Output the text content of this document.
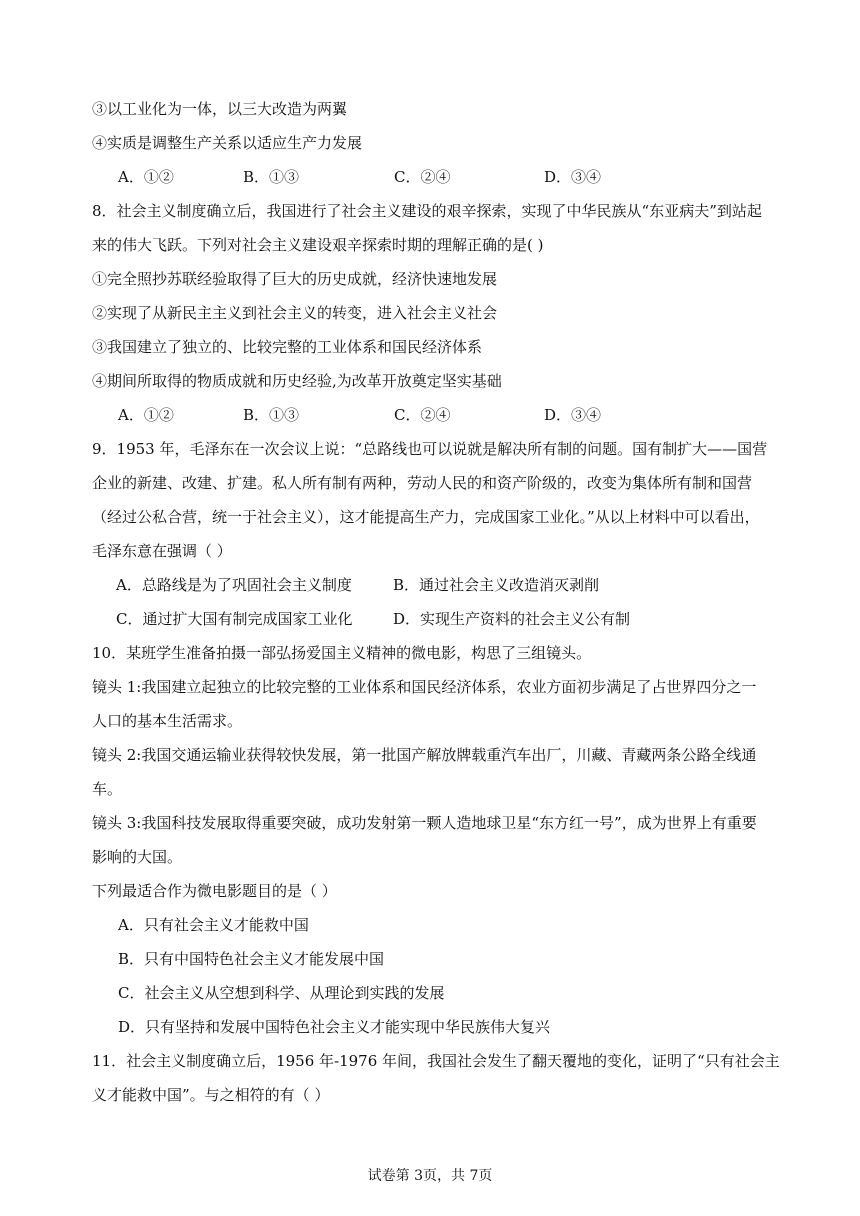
③以工业化为一体，以三大改造为两翼
④实质是调整生产关系以适应生产力发展
A．①②	B．①③	C．②④	D．③④
8．社会主义制度确立后，我国进行了社会主义建设的艰辛探索，实现了中华民族从“东亚病夫”到站起
来的伟大飞跃。下列对社会主义建设艰辛探索时期的理解正确的是( )
①完全照抄苏联经验取得了巨大的历史成就，经济快速地发展
②实现了从新民主主义到社会主义的转变，进入社会主义社会
③我国建立了独立的、比较完整的工业体系和国民经济体系
④期间所取得的物质成就和历史经验,为改革开放奠定坚实基础
A．①②	B．①③	C．②④	D．③④
9．1953 年，毛泽东在一次会议上说：“总路线也可以说就是解决所有制的问题。国有制扩大——国营
企业的新建、改建、扩建。私人所有制有两种，劳动人民的和资产阶级的，改变为集体所有制和国营
（经过公私合营，统一于社会主义），这才能提高生产力，完成国家工业化。”从以上材料中可以看出，
毛泽东意在强调（ ）
A．总路线是为了巩固社会主义制度	B．通过社会主义改造消灭剥削
C．通过扩大国有制完成国家工业化	D．实现生产资料的社会主义公有制
10．某班学生准备拍摄一部弘扬爱国主义精神的微电影，构思了三组镜头。
镜头 1:我国建立起独立的比较完整的工业体系和国民经济体系，农业方面初步满足了占世界四分之一
人口的基本生活需求。
镜头 2:我国交通运输业获得较快发展，第一批国产解放牌载重汽车出厂，川藏、青藏两条公路全线通
车。
镜头 3:我国科技发展取得重要突破，成功发射第一颗人造地球卫星“东方红一号”，成为世界上有重要
影响的大国。
下列最适合作为微电影题目的是（ ）
A．只有社会主义才能救中国
B．只有中国特色社会主义才能发展中国
C．社会主义从空想到科学、从理论到实践的发展
D．只有坚持和发展中国特色社会主义才能实现中华民族伟大复兴
11．社会主义制度确立后，1956 年-1976 年间，我国社会发生了翻天覆地的变化，证明了“只有社会主
义才能救中国”。与之相符的有（ ）
试卷第 3页，共 7页
